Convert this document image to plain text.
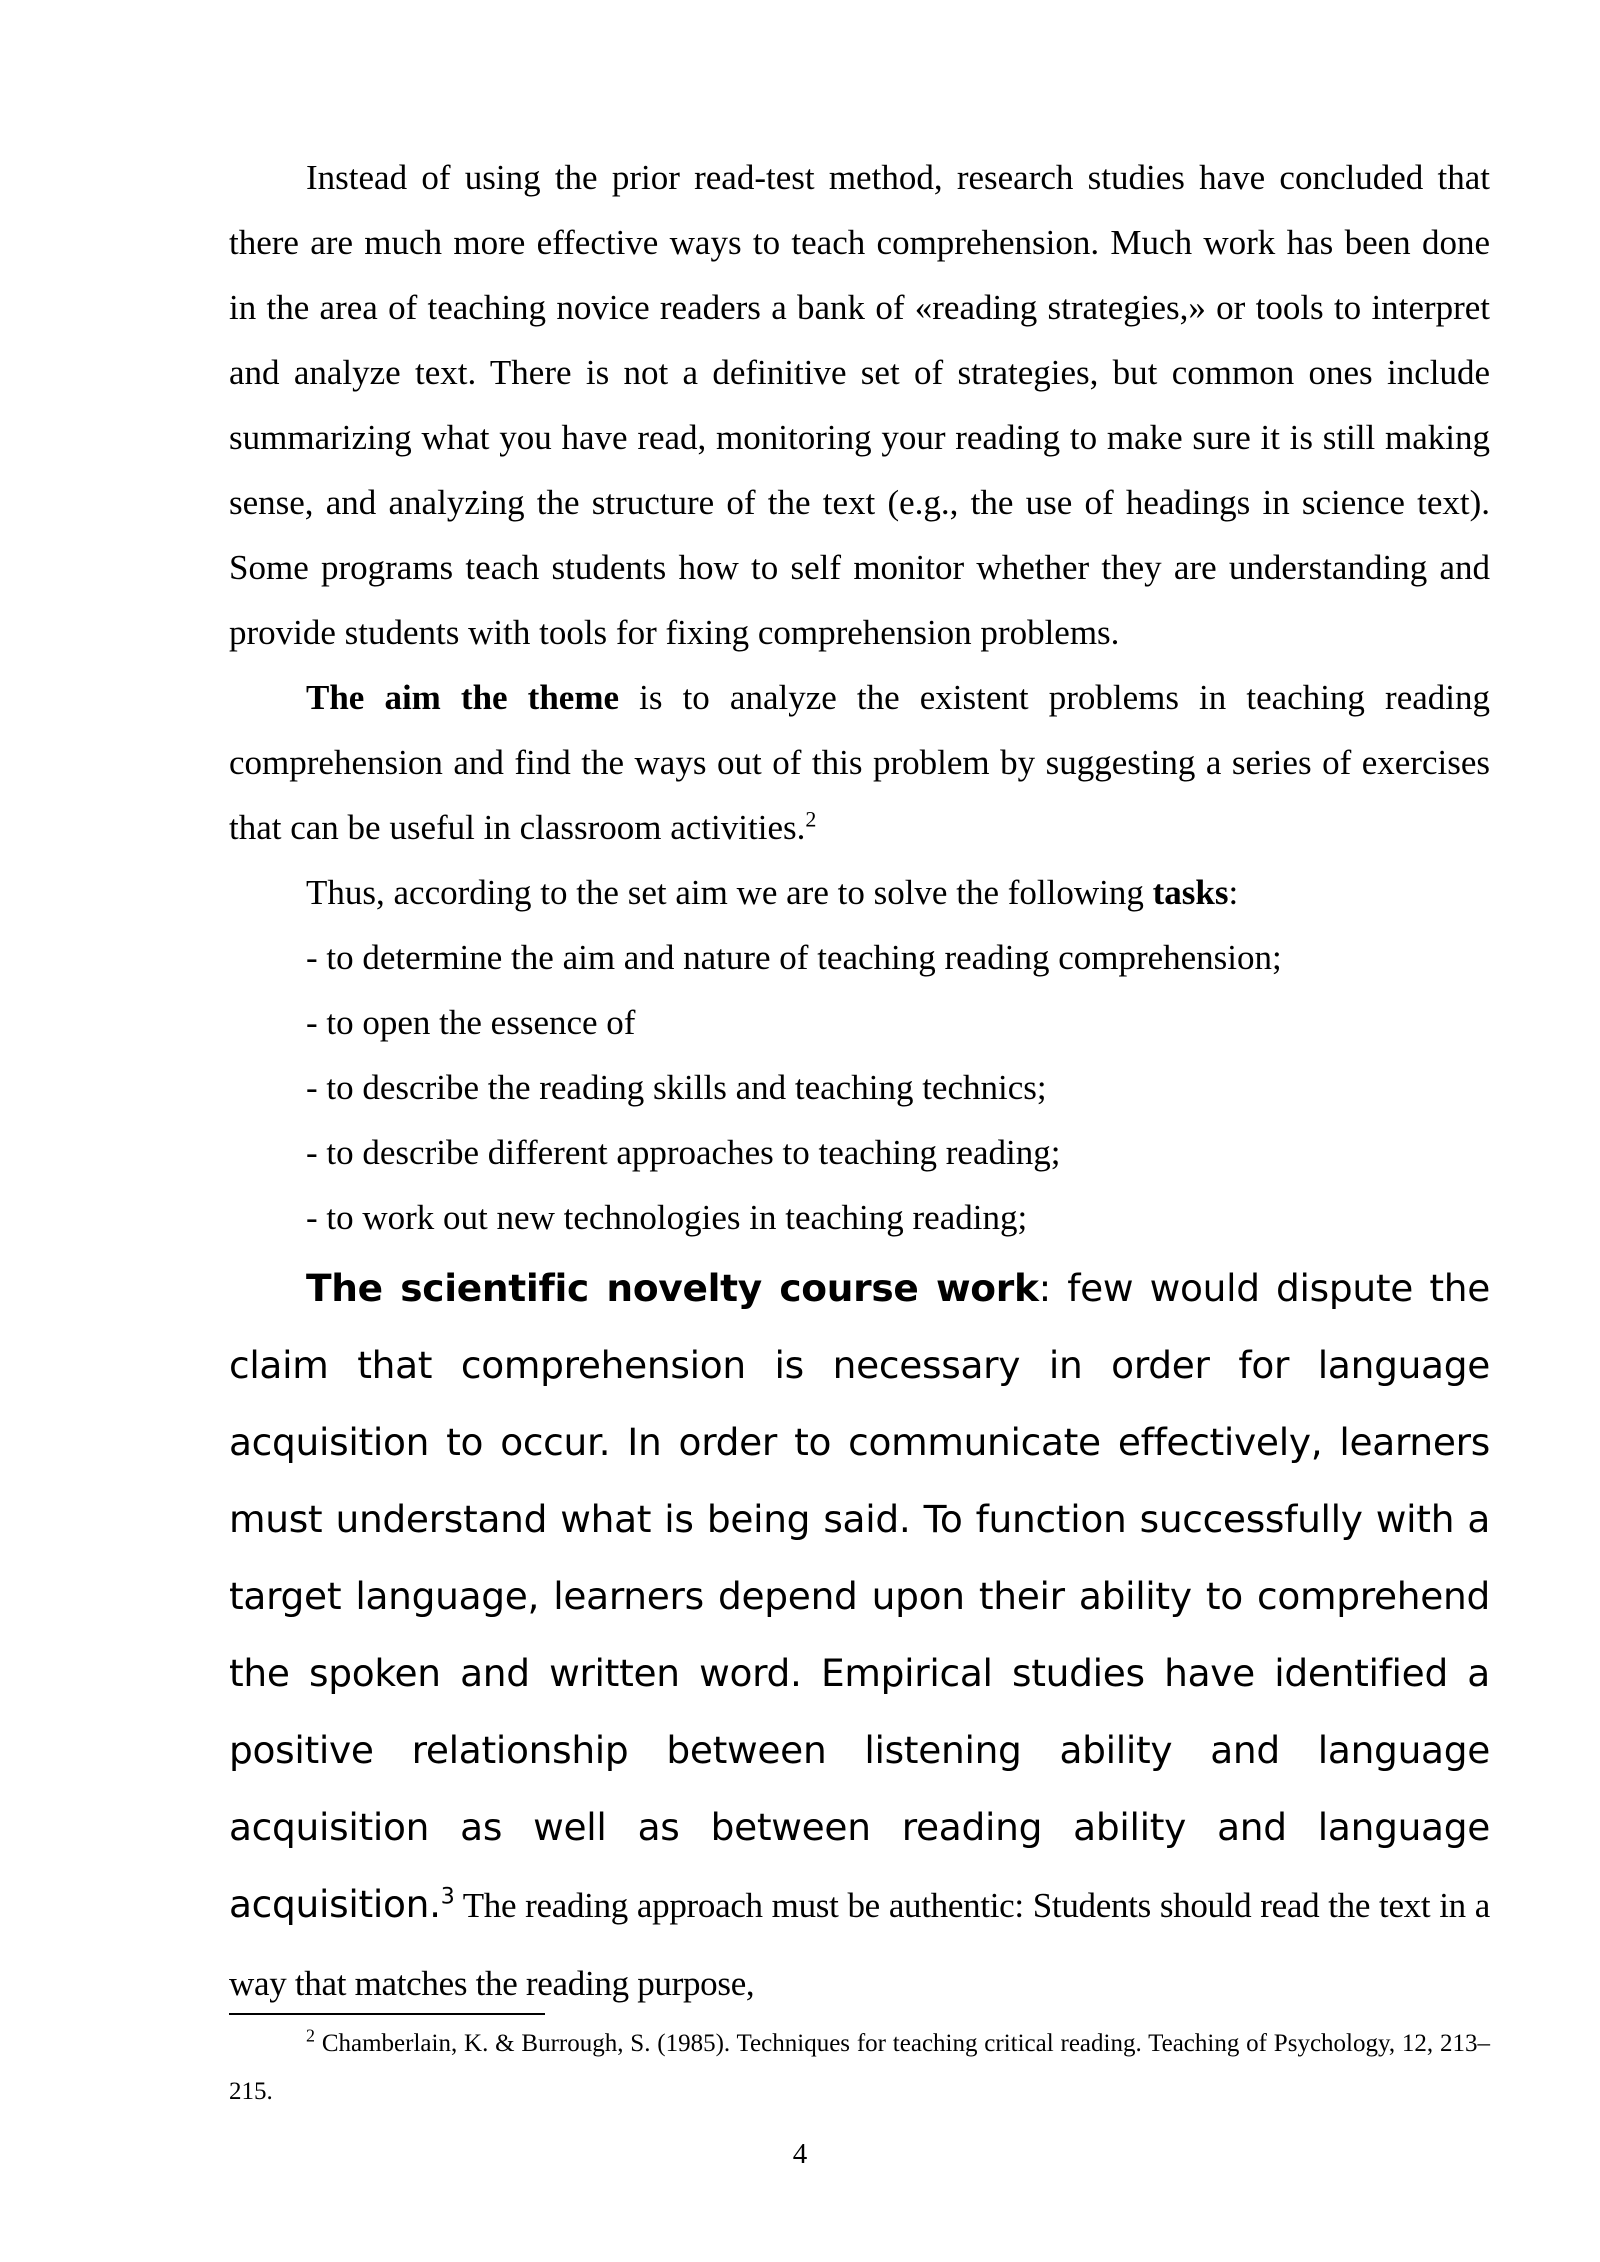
Instead of using the prior read-test method, research studies have concluded that there are much more effective ways to teach comprehension. Much work has been done in the area of teaching novice readers a bank of «reading strategies,» or tools to interpret and analyze text. There is not a definitive set of strategies, but common ones include summarizing what you have read, monitoring your reading to make sure it is still making sense, and analyzing the structure of the text (e.g., the use of headings in science text). Some programs teach students how to self monitor whether they are understanding and provide students with tools for fixing comprehension problems.

The aim the theme is to analyze the existent problems in teaching reading comprehension and find the ways out of this problem by suggesting a series of exercises that can be useful in classroom activities.$^2$

Thus, according to the set aim we are to solve the following tasks:

- to determine the aim and nature of teaching reading comprehension;

- to open the essence of

- to describe the reading skills and teaching technics;

- to describe different approaches to teaching reading;

- to work out new technologies in teaching reading;

The scientific novelty course work: few would dispute the claim that comprehension is necessary in order for language acquisition to occur. In order to communicate effectively, learners must understand what is being said. To function successfully with a target language, learners depend upon their ability to comprehend the spoken and written word. Empirical studies have identified a positive relationship between listening ability and language acquisition as well as between reading ability and language acquisition.$^3$ The reading approach must be authentic: Students should read the text in a way that matches the reading purpose,

$^2$ Chamberlain, K. & Burrough, S. (1985). Techniques for teaching critical reading. Teaching of Psychology, 12, 213–215.

4
